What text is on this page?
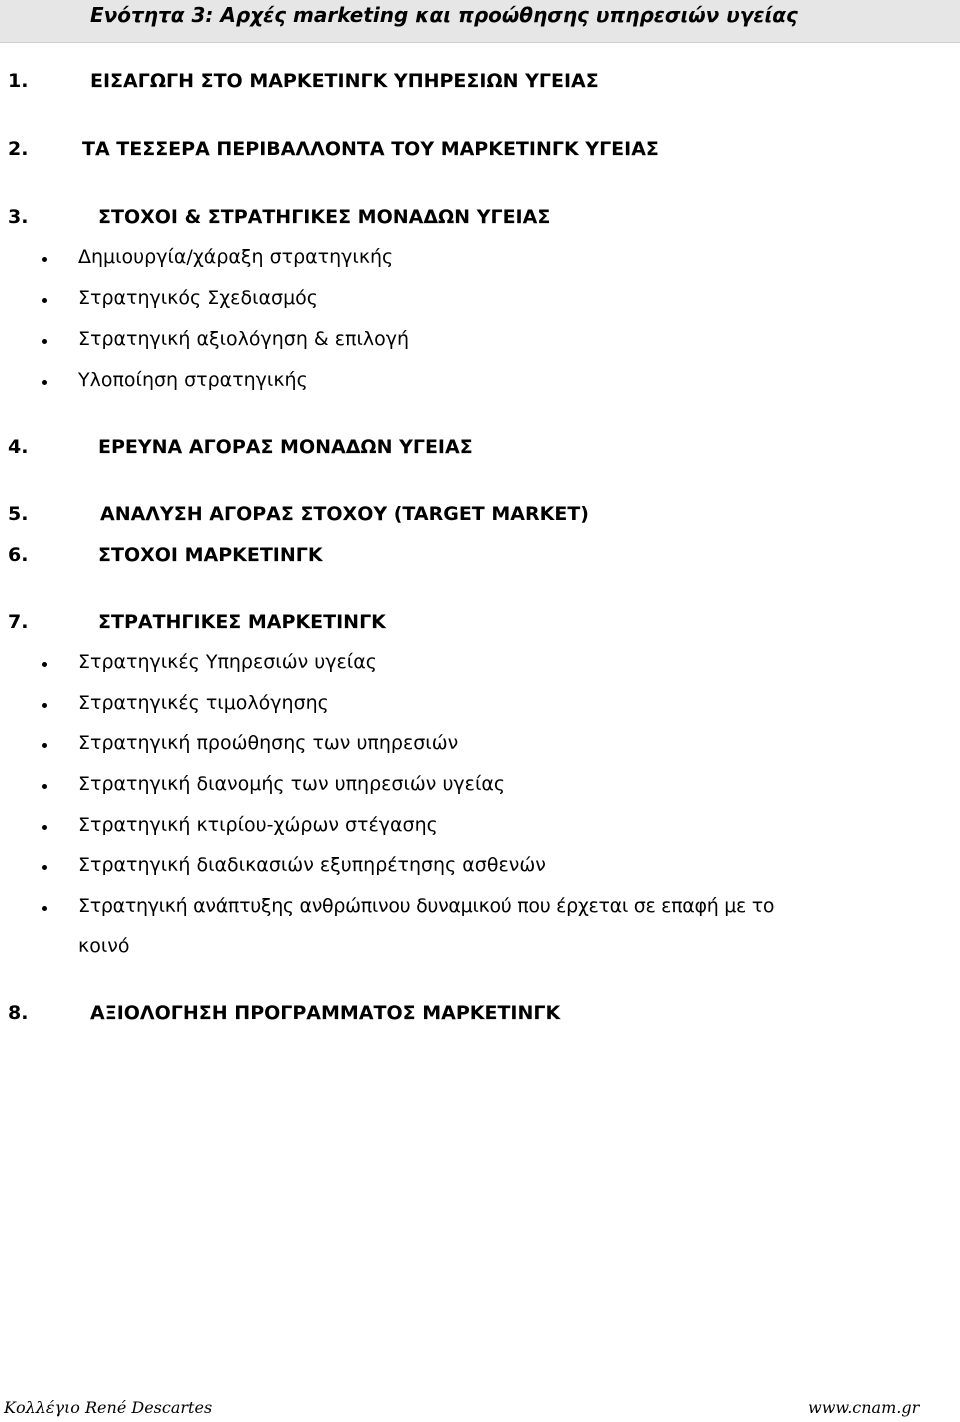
Ενότητα 3: Αρχές marketing και προώθησης υπηρεσιών υγείας
1.	ΕΙΣΑΓΩΓΗ ΣΤΟ ΜΑΡΚΕΤΙΝΓΚ ΥΠΗΡΕΣΙΩΝ ΥΓΕΙΑΣ
2.	ΤΑ ΤΕΣΣΕΡΑ ΠΕΡΙΒΑΛΛΟΝΤΑ ΤΟΥ ΜΑΡΚΕΤΙΝΓΚ ΥΓΕΙΑΣ
3.	ΣΤΟΧΟΙ & ΣΤΡΑΤΗΓΙΚΕΣ ΜΟΝΑΔΩΝ ΥΓΕΙΑΣ
Δημιουργία/χάραξη στρατηγικής
Στρατηγικός Σχεδιασμός
Στρατηγική αξιολόγηση & επιλογή
Υλοποίηση στρατηγικής
4.	ΕΡΕΥΝΑ ΑΓΟΡΑΣ ΜΟΝΑΔΩΝ ΥΓΕΙΑΣ
5.	ΑΝΑΛΥΣΗ ΑΓΟΡΑΣ ΣΤΟΧΟΥ (TARGET MARKET)
6.	ΣΤΟΧΟΙ ΜΑΡΚΕΤΙΝΓΚ
7.	ΣΤΡΑΤΗΓΙΚΕΣ ΜΑΡΚΕΤΙΝΓΚ
Στρατηγικές Υπηρεσιών υγείας
Στρατηγικές τιμολόγησης
Στρατηγική προώθησης των υπηρεσιών
Στρατηγική διανομής των υπηρεσιών υγείας
Στρατηγική κτιρίου-χώρων στέγασης
Στρατηγική διαδικασιών εξυπηρέτησης ασθενών
Στρατηγική ανάπτυξης ανθρώπινου δυναμικού που έρχεται σε επαφή με το
κοινό
8.	ΑΞΙΟΛΟΓΗΣΗ ΠΡΟΓΡΑΜΜΑΤΟΣ ΜΑΡΚΕΤΙΝΓΚ
Κολλέγιο René Descartes	www.cnam.gr
